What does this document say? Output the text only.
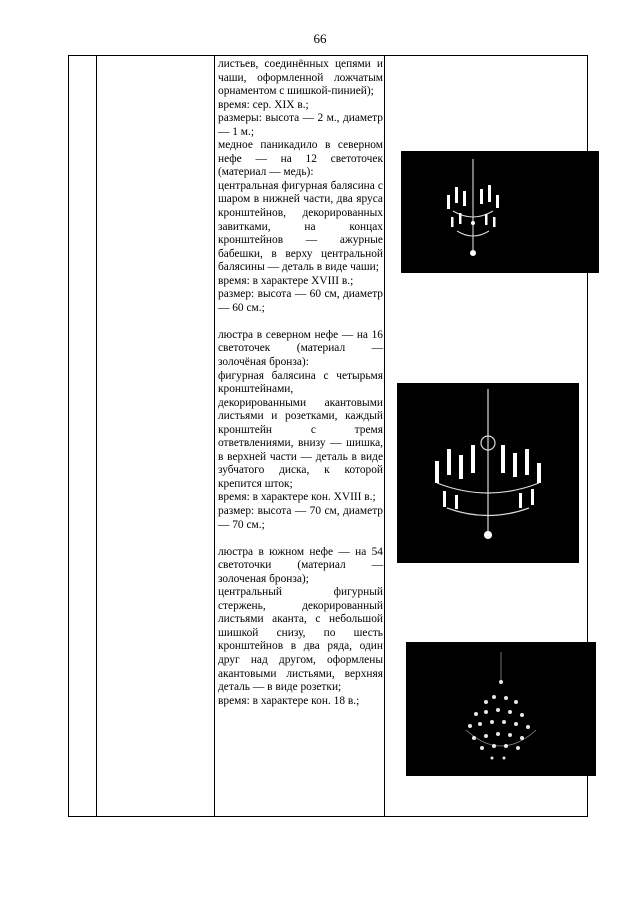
66

листьев, соединённых цепями и чаши, оформленной ложчатым орнаментом с шишкой-пинией);

время: сер. XIX в.;

размеры: высота — 2 м., диаметр — 1 м.;

медное паникадило в северном нефе — на 12 светоточек (материал — медь):

центральная фигурная балясина с шаром в нижней части, два яруса кронштейнов, декорированных завитками, на концах кронштейнов — ажурные бабешки, в верху центральной балясины — деталь в виде чаши;

время: в характере XVIII в.;

размер: высота — 60 см, диаметр — 60 см.;

люстра в северном нефе — на 16 светоточек (материал — золочёная бронза):

фигурная балясина с четырьмя кронштейнами, декорированными акантовыми листьями и розетками, каждый кронштейн с тремя ответвлениями, внизу — шишка, в верхней части — деталь в виде зубчатого диска, к которой крепится шток;

время: в характере кон. XVIII в.;

размер: высота — 70 см, диаметр — 70 см.;

люстра в южном нефе — на 54 светоточки (материал — золоченая бронза);

центральный фигурный стержень, декорированный листьями аканта, с небольшой шишкой снизу, по шесть кронштейнов в два ряда, один друг над другом, оформлены акантовыми листьями, верхняя деталь — в виде розетки;

время: в характере кон. 18 в.;
